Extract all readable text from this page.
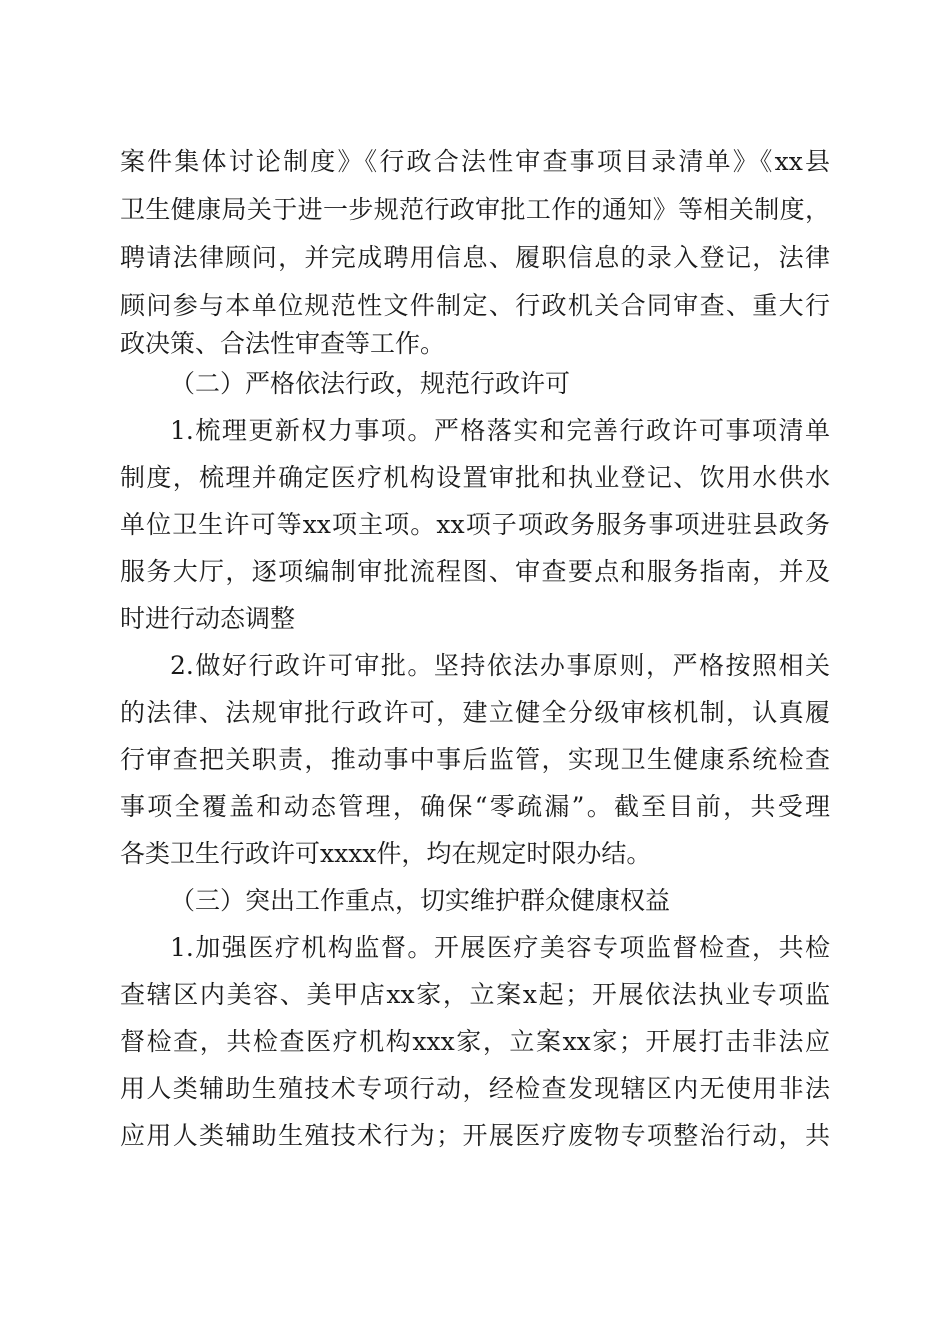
案件集体讨论制度》《行政合法性审查事项目录清单》《xx县
卫生健康局关于进一步规范行政审批工作的通知》等相关制度，
聘请法律顾问，并完成聘用信息、履职信息的录入登记，法律
顾问参与本单位规范性文件制定、行政机关合同审查、重大行
政决策、合法性审查等工作。
（二）严格依法行政，规范行政许可
1.梳理更新权力事项。严格落实和完善行政许可事项清单
制度，梳理并确定医疗机构设置审批和执业登记、饮用水供水
单位卫生许可等xx项主项。xx项子项政务服务事项进驻县政务
服务大厅，逐项编制审批流程图、审查要点和服务指南，并及
时进行动态调整
2.做好行政许可审批。坚持依法办事原则，严格按照相关
的法律、法规审批行政许可，建立健全分级审核机制，认真履
行审查把关职责，推动事中事后监管，实现卫生健康系统检查
事项全覆盖和动态管理，确保“零疏漏”。截至目前，共受理
各类卫生行政许可xxxx件，均在规定时限办结。
（三）突出工作重点，切实维护群众健康权益
1.加强医疗机构监督。开展医疗美容专项监督检查，共检
查辖区内美容、美甲店xx家，立案x起；开展依法执业专项监
督检查，共检查医疗机构xxx家，立案xx家；开展打击非法应
用人类辅助生殖技术专项行动，经检查发现辖区内无使用非法
应用人类辅助生殖技术行为；开展医疗废物专项整治行动，共
